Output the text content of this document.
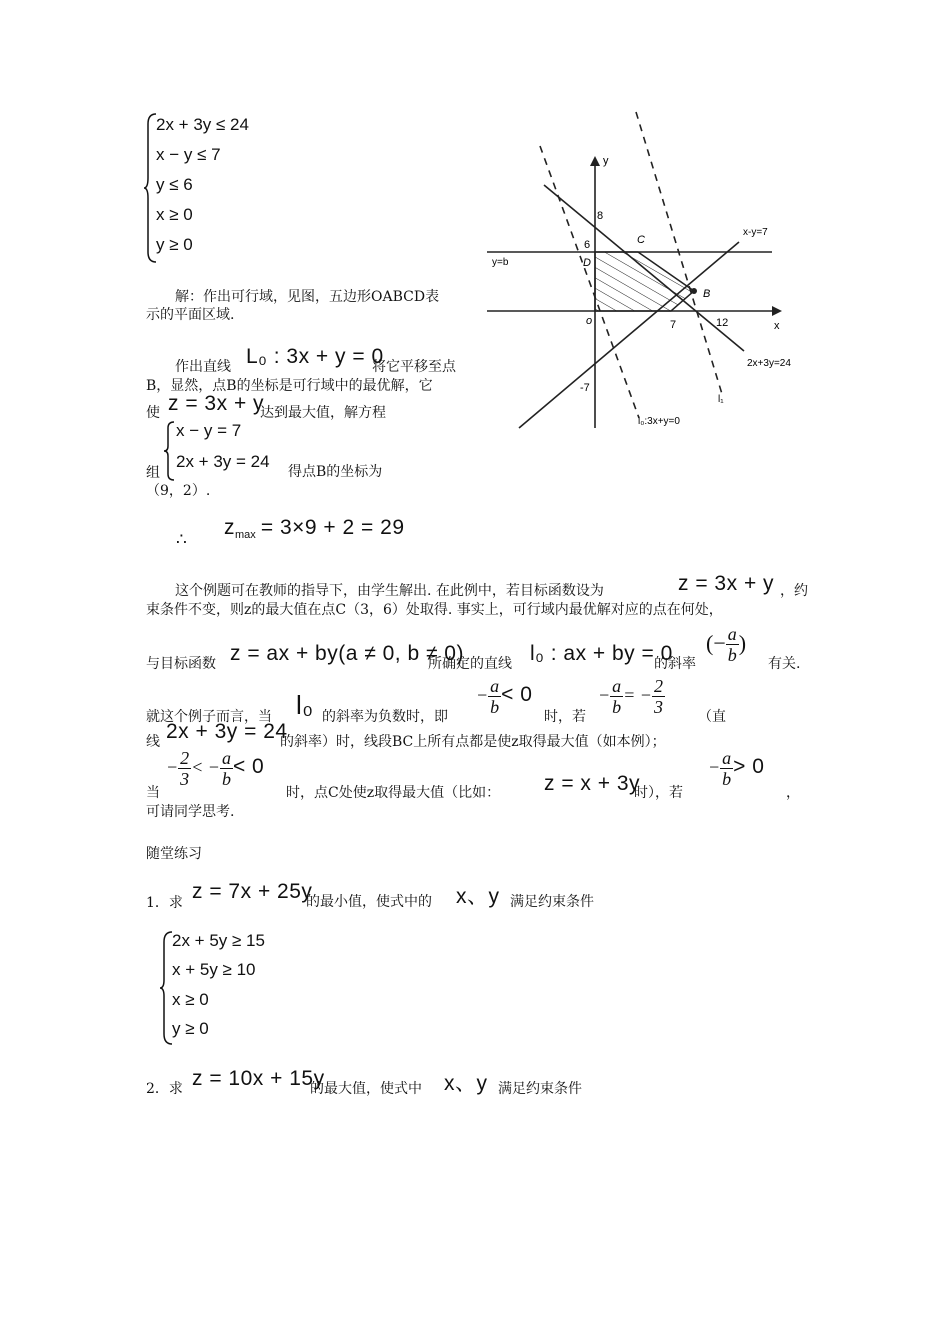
2x + 3y ≤ 24
x − y ≤ 7
y ≤ 6
x ≥ 0
y ≥ 0
解：作出可行域，见图，五边形OABCD表
示的平面区域.
作出直线 L₀ : 3x + y = 0
将它平移至点
B，显然，点B的坐标是可行域中的最优解，它
使 z = 3x + y
达到最大值，解方程
x − y = 7
2x + 3y = 24
组	得点B的坐标为
（9，2）.
∴
$z_{max} = 3\times 9 + 2 = 29$
y
x
8
6	C
D
x-y=7
y=b
B
o	7	12
-7
2x+3y=24
l₀:3x+y=0
l₁
这个例题可在教师的指导下，由学生解出. 在此例中，若目标函数设为	z = 3x + y ，约
束条件不变，则z的最大值在点C（3，6）处取得. 事实上，可行域内最优解对应的点在何处，
与目标函数 z = ax + by(a ≠ 0, b ≠ 0)
所确定的直线 l₀ : ax + by = 0
的斜率
(− $\frac{a}{b}$ )
有关.
就这个例子而言，当 l₀ 的斜率为负数时，即
− $\frac{a}{b} < 0$
时，若
− $\frac{a}{b}$ = − $\frac{2}{3}$ （直
线 2x + 3y = 24
的斜率）时，线段BC上所有点都是使z取得最大值（如本例）；
− $\frac{2}{3}$ < − $\frac{a}{b} < 0$
当	时，点C处使z取得最大值（比如： z = x + 3y
时），若
− $\frac{a}{b} > 0$
，
可请同学思考.
随堂练习
1．求 z = 7x + 25y
的最小值，使式中的 x、y 满足约束条件
2x + 5y ≥ 15
x + 5y ≥ 10
x ≥ 0
y ≥ 0
2．求 z = 10x + 15y
的最大值，使式中 x、y 满足约束条件
